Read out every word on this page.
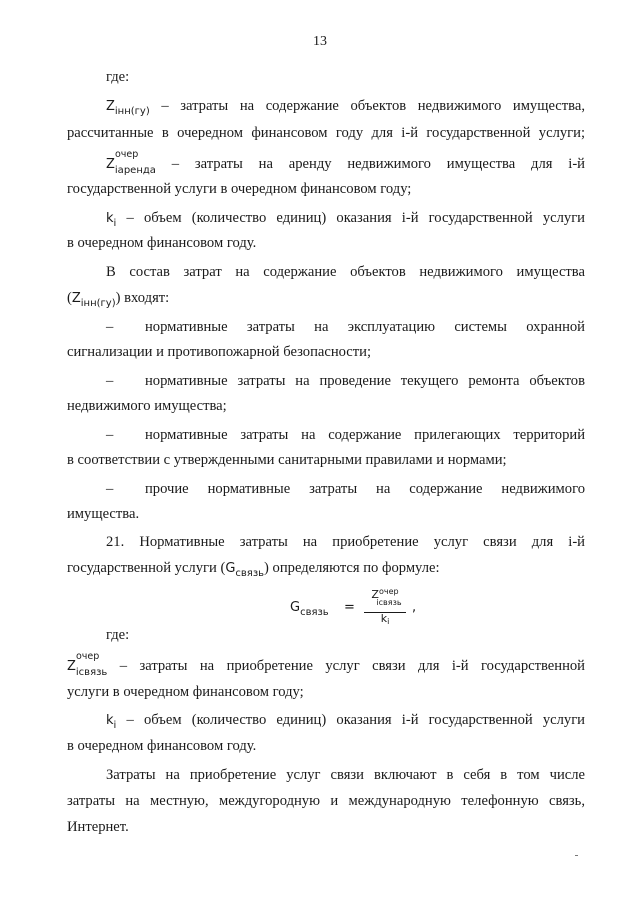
13
где:
$Z_{iнн(гу)}$ – затраты на содержание объектов недвижимого имущества,
рассчитанные в очередном финансовом году для i-й государственной услуги;
Z
очер
$_{iаренда}$ – затраты на аренду недвижимого имущества для i-й
государственной услуги в очередном финансовом году;
$k_i$ – объем (количество единиц) оказания i-й государственной услуги
в очередном финансовом году.
В состав затрат на содержание объектов недвижимого имущества
$(Z_{iнн(гу)})$ входят:
– нормативные затраты на эксплуатацию системы охранной
сигнализации и противопожарной безопасности;
– нормативные затраты на проведение текущего ремонта объектов
недвижимого имущества;
– нормативные затраты на содержание прилегающих территорий
в соответствии с утвержденными санитарными правилами и нормами;
– прочие нормативные затраты на содержание недвижимого
имущества.
21. Нормативные затраты на приобретение услуг связи для i-й
государственной услуги $(G_{связь})$ определяются по формуле:
$G_{связь}$ =
$Z^{очер}$
$^{iсвязь}$
$k_i$
,
где:
Z
очер
$_{iсвязь}$ – затраты на приобретение услуг связи для i-й государственной
услуги в очередном финансовом году;
$k_i$ – объем (количество единиц) оказания i-й государственной услуги
в очередном финансовом году.
Затраты на приобретение услуг связи включают в себя в том числе
затраты на местную, междугородную и международную телефонную связь,
Интернет.
